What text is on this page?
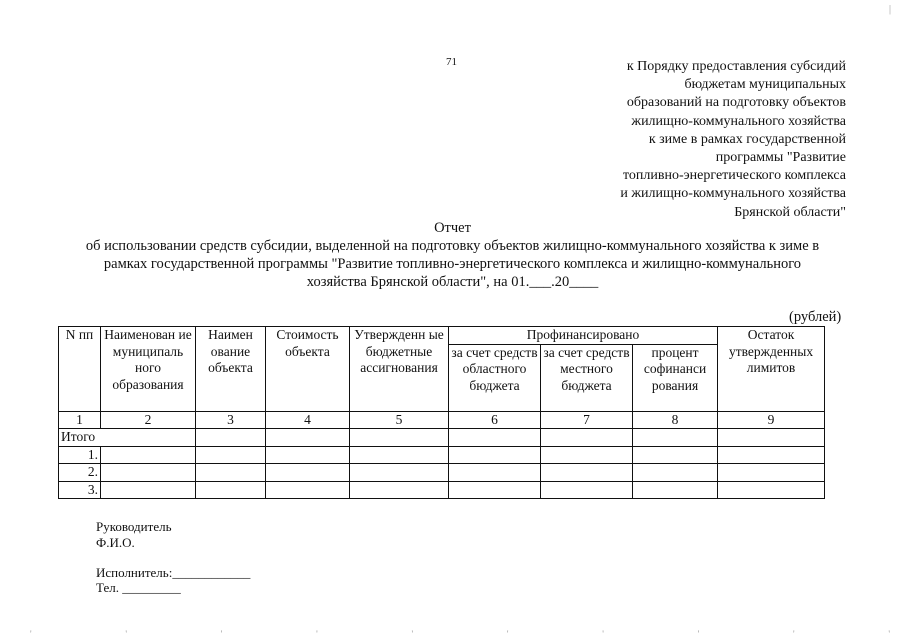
|
71	к Порядку предоставления субсидий
бюджетам муниципальных
образований на подготовку объектов
жилищно-коммунального хозяйства
к зиме в рамках государственной
программы "Развитие
топливно-энергетического комплекса
и жилищно-коммунального хозяйства
Брянской области"
Отчет
об использовании средств субсидии, выделенной на подготовку объектов жилищно-коммунального хозяйства к зиме в
рамках государственной программы "Развитие топливно-энергетического комплекса и жилищно-коммунального
хозяйства Брянской области", на 01.___.20____
(рублей)
N пп	Наименован ие муниципаль ного образования	Наимен ование объекта	Стоимость объекта	Утвержденн ые бюджетные ассигнования	Профинансировано			Остаток утвержденных лимитов
					за счет средств областного бюджета	за счет средств местного бюджета	процент софинанси рования	
1	2	3	4	5	6	7	8	9
Итого								
1.								
2.								
3.								
Руководитель
Ф.И.О.
Исполнитель:____________
Тел. _________
'	'	'	'	'	'	'	'	'	'
